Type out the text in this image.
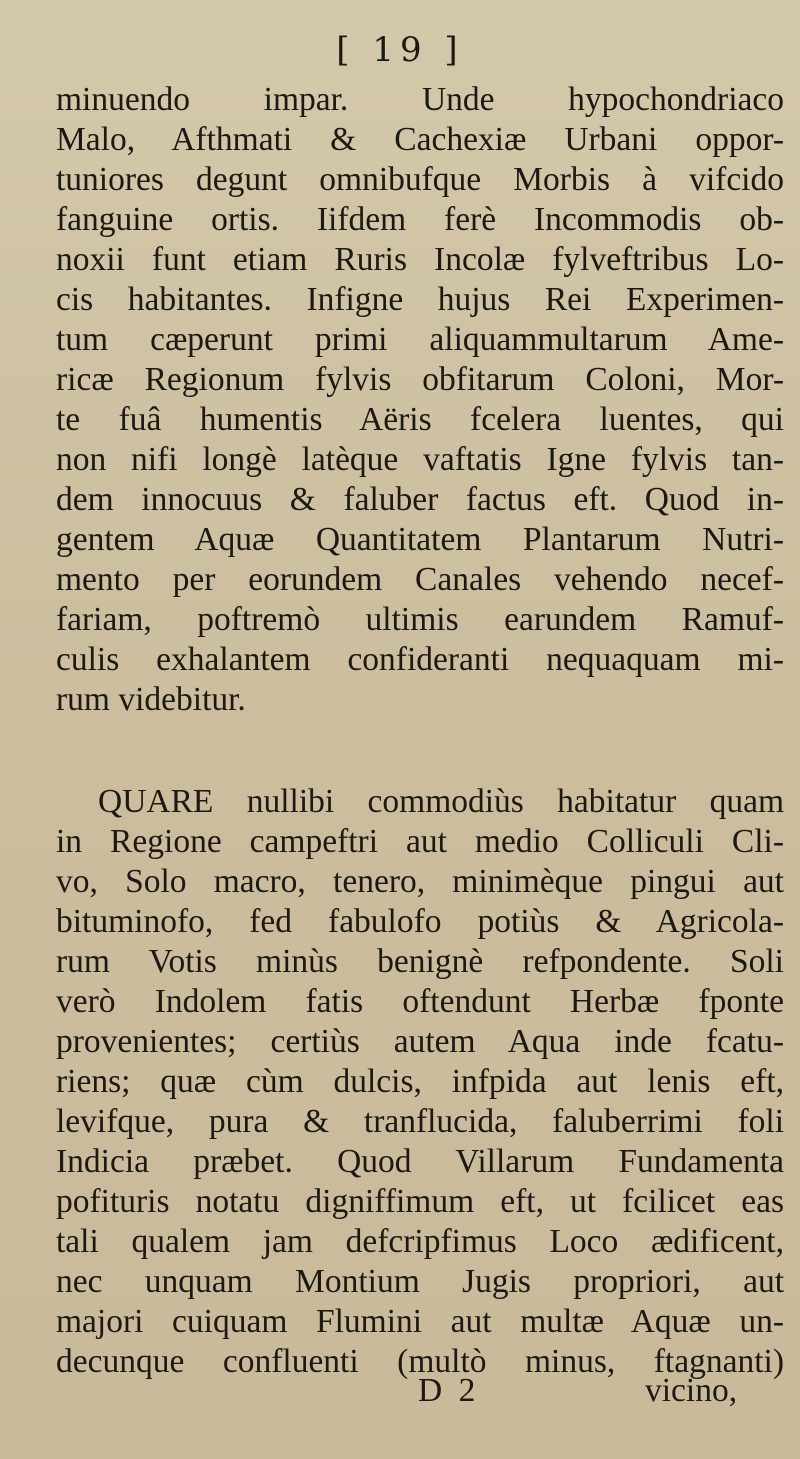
[ 19 ]
minuendo impar. Unde hypochondriaco
Malo, Afthmati & Cachexiæ Urbani oppor-
tuniores degunt omnibufque Morbis à vifcido
fanguine ortis. Iifdem ferè Incommodis ob-
noxii funt etiam Ruris Incolæ fylveftribus Lo-
cis habitantes. Infigne hujus Rei Experimen-
tum cæperunt primi aliquammultarum Ame-
ricæ Regionum fylvis obfitarum Coloni, Mor-
te fuâ humentis Aëris fcelera luentes, qui
non nifi longè latèque vaftatis Igne fylvis tan-
dem innocuus & faluber factus eft. Quod in-
gentem Aquæ Quantitatem Plantarum Nutri-
mento per eorundem Canales vehendo necef-
fariam, poftremò ultimis earundem Ramuf-
culis exhalantem confideranti nequaquam mi-
rum videbitur.
QUARE nullibi commodiùs habitatur quam
in Regione campeftri aut medio Colliculi Cli-
vo, Solo macro, tenero, minimèque pingui aut
bituminofo, fed fabulofo potiùs & Agricola-
rum Votis minùs benignè refpondente. Soli
verò Indolem fatis oftendunt Herbæ fponte
provenientes; certiùs autem Aqua inde fcatu-
riens; quæ cùm dulcis, infpida aut lenis eft,
levifque, pura & tranflucida, faluberrimi foli
Indicia præbet. Quod Villarum Fundamenta
pofituris notatu digniffimum eft, ut fcilicet eas
tali qualem jam defcripfimus Loco ædificent,
nec unquam Montium Jugis propriori, aut
majori cuiquam Flumini aut multæ Aquæ un-
decunque confluenti (multò minus, ftagnanti)
D 2	vicino,
